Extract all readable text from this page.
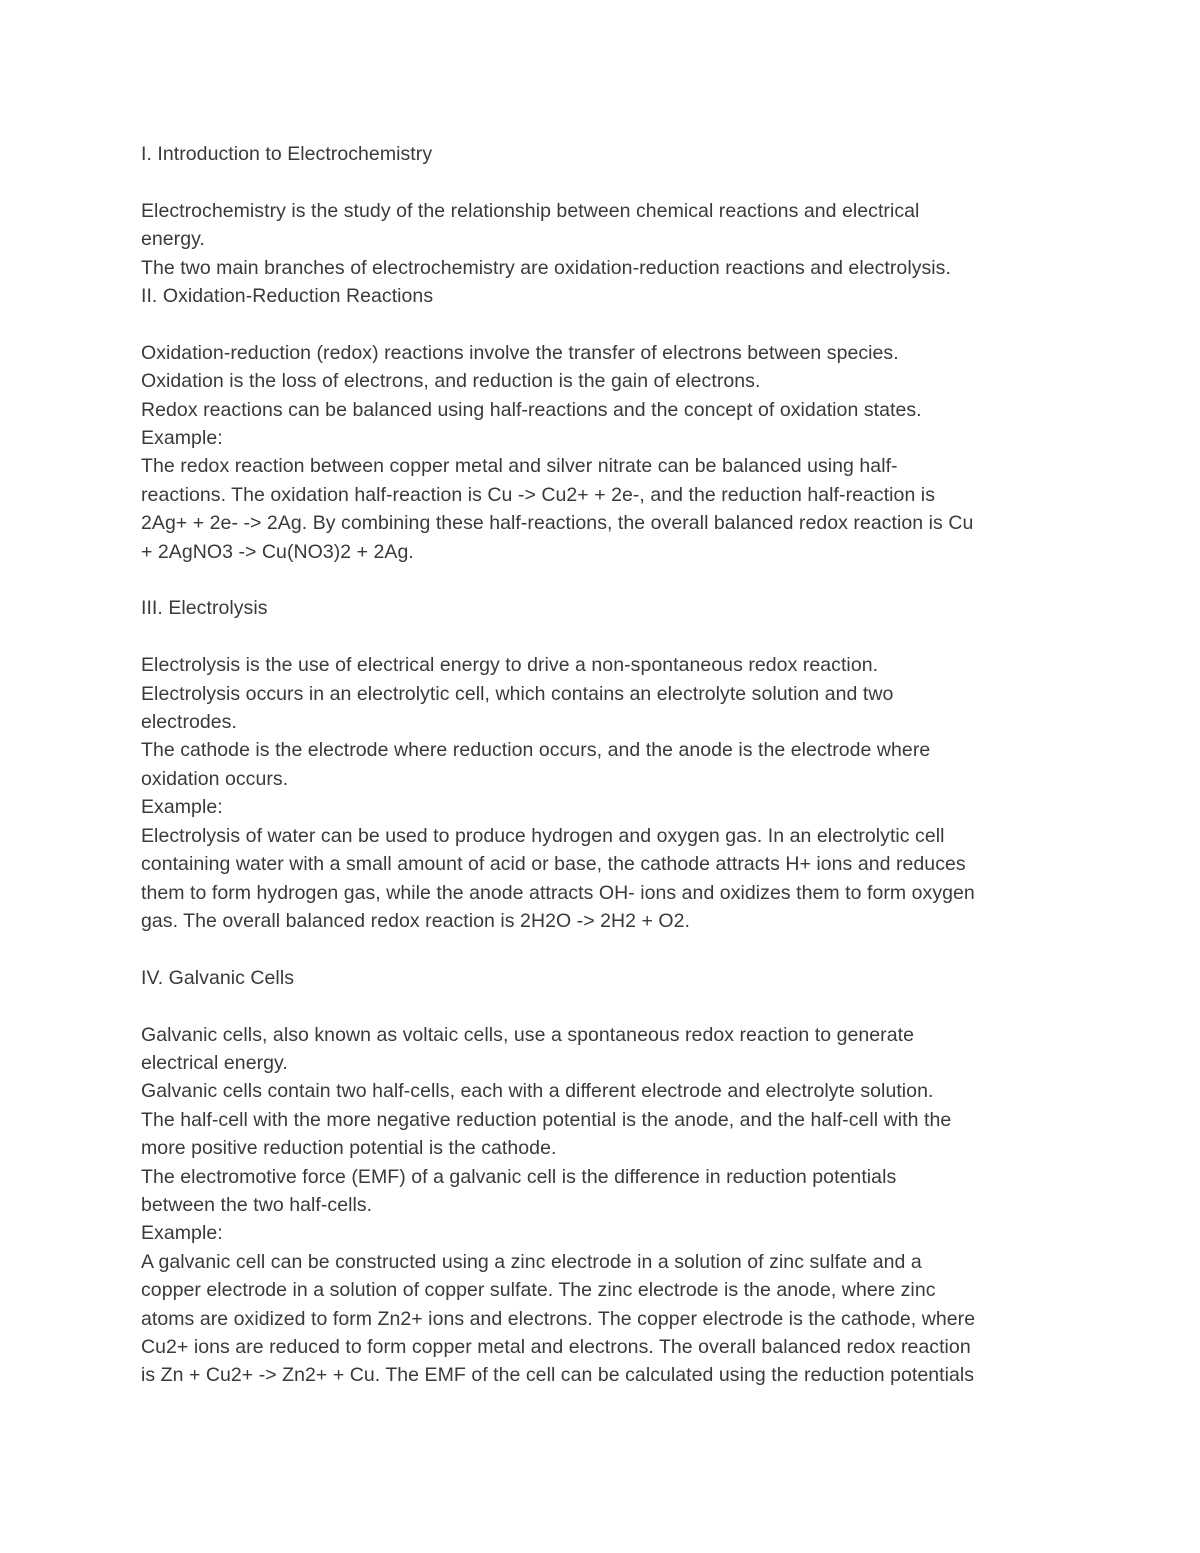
I. Introduction to Electrochemistry

Electrochemistry is the study of the relationship between chemical reactions and electrical

energy.

The two main branches of electrochemistry are oxidation-reduction reactions and electrolysis.

II. Oxidation-Reduction Reactions

Oxidation-reduction (redox) reactions involve the transfer of electrons between species.

Oxidation is the loss of electrons, and reduction is the gain of electrons.

Redox reactions can be balanced using half-reactions and the concept of oxidation states.

Example:

The redox reaction between copper metal and silver nitrate can be balanced using half-

reactions. The oxidation half-reaction is Cu -> Cu2+ + 2e-, and the reduction half-reaction is

2Ag+ + 2e- -> 2Ag. By combining these half-reactions, the overall balanced redox reaction is Cu

+ 2AgNO3 -> Cu(NO3)2 + 2Ag.

III. Electrolysis

Electrolysis is the use of electrical energy to drive a non-spontaneous redox reaction.

Electrolysis occurs in an electrolytic cell, which contains an electrolyte solution and two

electrodes.

The cathode is the electrode where reduction occurs, and the anode is the electrode where

oxidation occurs.

Example:

Electrolysis of water can be used to produce hydrogen and oxygen gas. In an electrolytic cell

containing water with a small amount of acid or base, the cathode attracts H+ ions and reduces

them to form hydrogen gas, while the anode attracts OH- ions and oxidizes them to form oxygen

gas. The overall balanced redox reaction is 2H2O -> 2H2 + O2.

IV. Galvanic Cells

Galvanic cells, also known as voltaic cells, use a spontaneous redox reaction to generate

electrical energy.

Galvanic cells contain two half-cells, each with a different electrode and electrolyte solution.

The half-cell with the more negative reduction potential is the anode, and the half-cell with the

more positive reduction potential is the cathode.

The electromotive force (EMF) of a galvanic cell is the difference in reduction potentials

between the two half-cells.

Example:

A galvanic cell can be constructed using a zinc electrode in a solution of zinc sulfate and a

copper electrode in a solution of copper sulfate. The zinc electrode is the anode, where zinc

atoms are oxidized to form Zn2+ ions and electrons. The copper electrode is the cathode, where

Cu2+ ions are reduced to form copper metal and electrons. The overall balanced redox reaction

is Zn + Cu2+ -> Zn2+ + Cu. The EMF of the cell can be calculated using the reduction potentials
